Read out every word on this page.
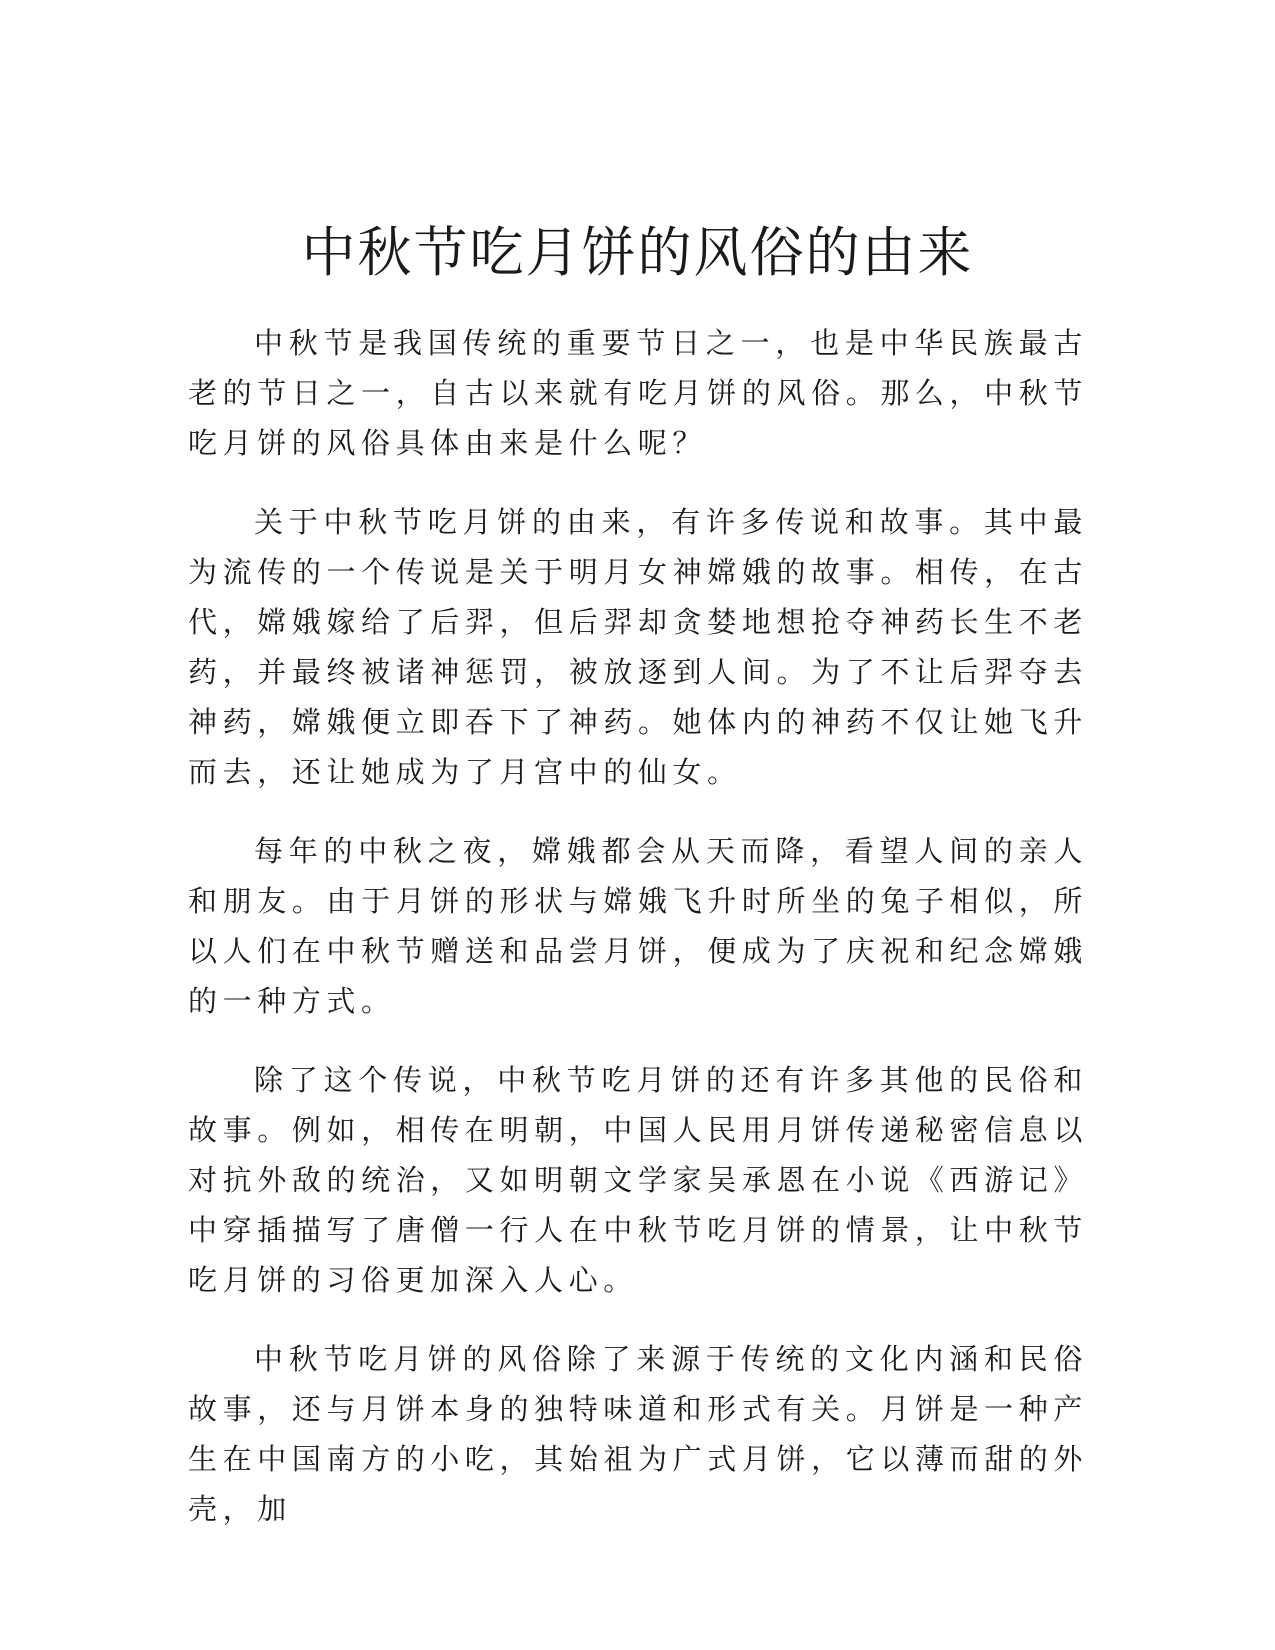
中秋节吃月饼的风俗的由来

中秋节是我国传统的重要节日之一，也是中华民族最古老的节日之一，自古以来就有吃月饼的风俗。那么，中秋节吃月饼的风俗具体由来是什么呢？

关于中秋节吃月饼的由来，有许多传说和故事。其中最为流传的一个传说是关于明月女神嫦娥的故事。相传，在古代，嫦娥嫁给了后羿，但后羿却贪婪地想抢夺神药长生不老药，并最终被诸神惩罚，被放逐到人间。为了不让后羿夺去神药，嫦娥便立即吞下了神药。她体内的神药不仅让她飞升而去，还让她成为了月宫中的仙女。

每年的中秋之夜，嫦娥都会从天而降，看望人间的亲人和朋友。由于月饼的形状与嫦娥飞升时所坐的兔子相似，所以人们在中秋节赠送和品尝月饼，便成为了庆祝和纪念嫦娥的一种方式。

除了这个传说，中秋节吃月饼的还有许多其他的民俗和故事。例如，相传在明朝，中国人民用月饼传递秘密信息以对抗外敌的统治，又如明朝文学家吴承恩在小说《西游记》中穿插描写了唐僧一行人在中秋节吃月饼的情景，让中秋节吃月饼的习俗更加深入人心。

中秋节吃月饼的风俗除了来源于传统的文化内涵和民俗故事，还与月饼本身的独特味道和形式有关。月饼是一种产生在中国南方的小吃，其始祖为广式月饼，它以薄而甜的外壳，加
